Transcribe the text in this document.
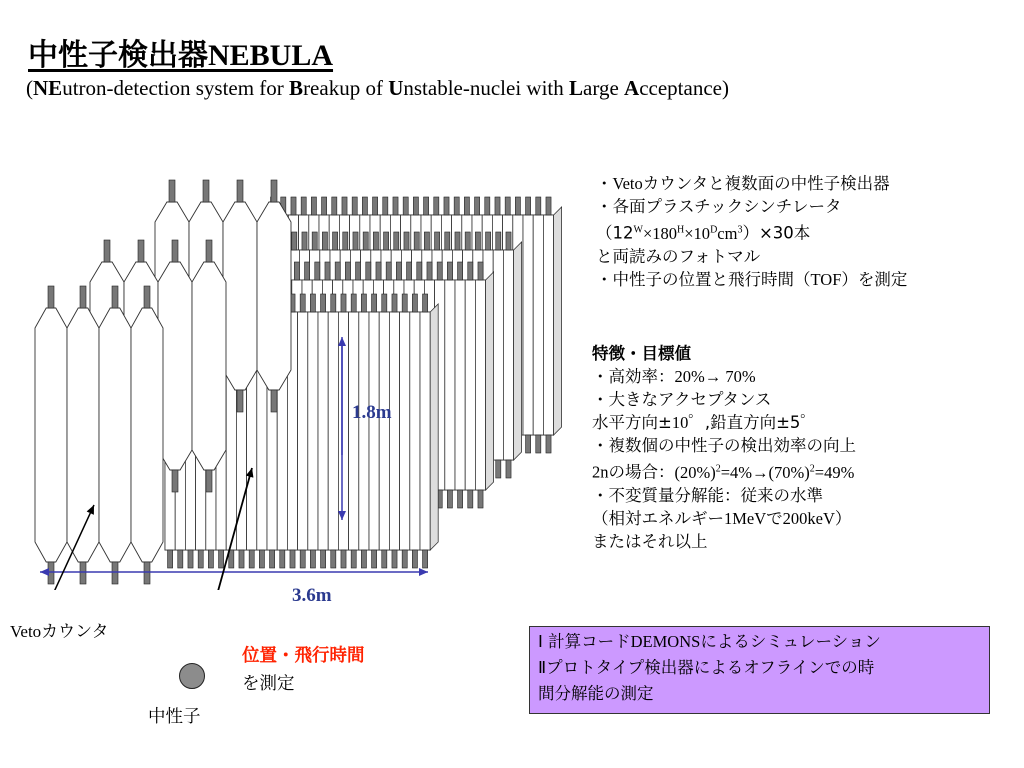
中性子検出器NEBULA
(NEutron-detection system for Breakup of Unstable-nuclei with Large Acceptance)
1.8m
3.6m
Vetoカウンタ
位置・飛行時間
を測定
中性子
・Vetoカウンタと複数面の中性子検出器
・各面プラスチックシンチレータ
$(12^W\times 180^H\times 10^Dcm^3)\times 30$本
と両読みのフォトマル
・中性子の位置と飛行時間（TOF）を測定
特徴・目標値
・高効率：20%→ 70%
・大きなアクセプタンス
水平方向±10゜,鉛直方向±5゜
・複数個の中性子の検出効率の向上
2nの場合：$(20\%)^2=4\%\to(70\%)^2=49\%$
・不変質量分解能：従来の水準
（相対エネルギー1MeVで200keV）
またはそれ以上
Ⅰ 計算コードDEMONSによるシミュレーション
Ⅱプロトタイプ検出器によるオフラインでの時
間分解能の測定
